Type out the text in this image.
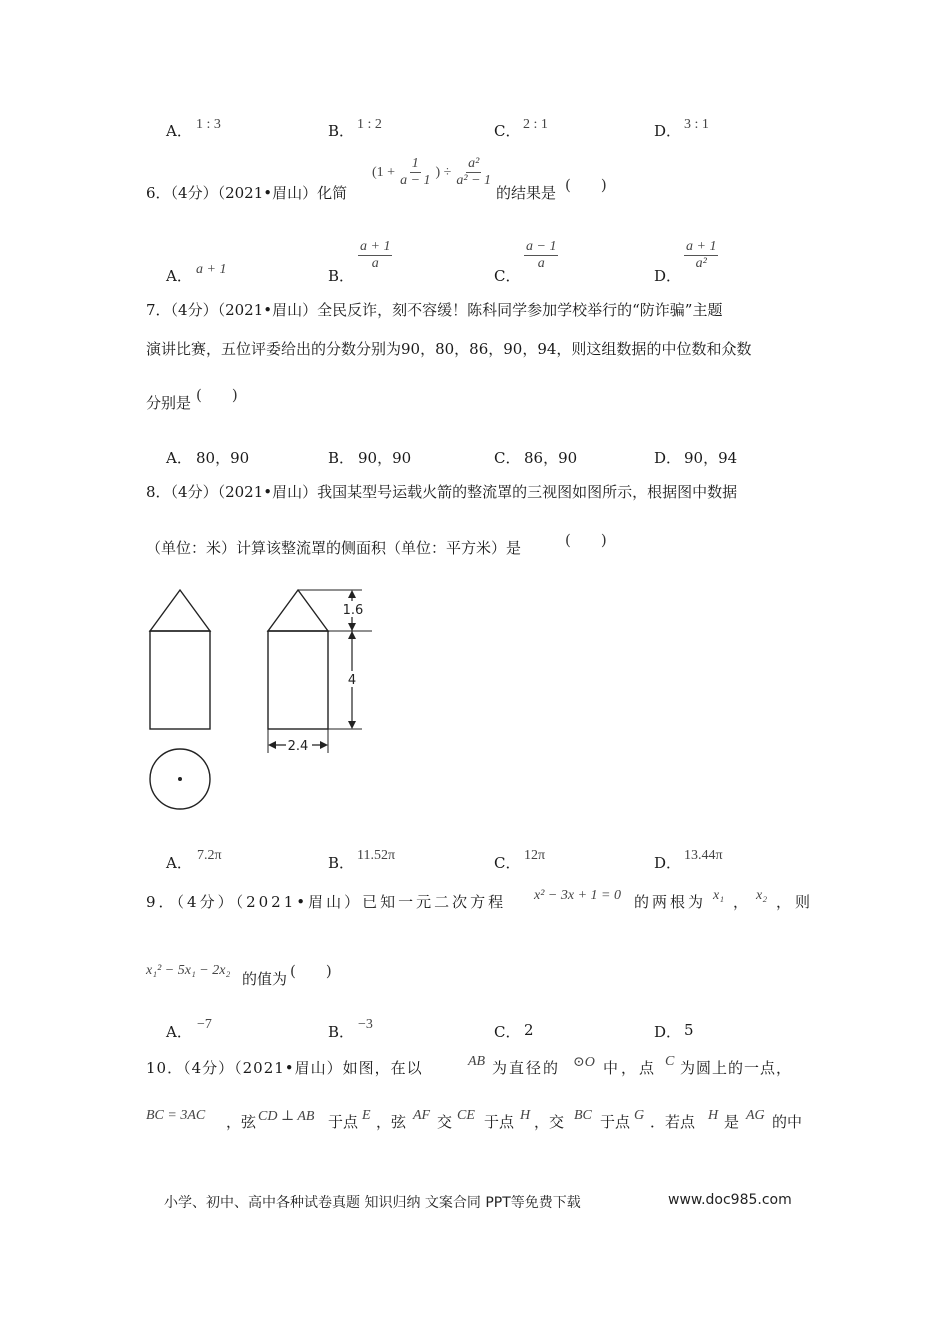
A． 1 : 3	B． 1 : 2	C． 2 : 1	D． 3 : 1
6．（4分）（2021•眉山）化简
($1 + \frac{1}{a - 1}$ ) ÷ $\frac{\text{a²}}{\text{a² − 1}}$
的结果是 (　　)
A． a + 1	B．
$\frac{a + 1}{a}$
C．
$\frac{a - 1}{a}$
D．
$\frac{a + 1}{\text{a²}}$
7．（4分）（2021•眉山）全民反诈，刻不容缓！陈科同学参加学校举行的“防诈骗”主题
演讲比赛，五位评委给出的分数分别为90，80，86，90，94，则这组数据的中位数和众数
分别是 (　　)
A． 80，90	B． 90，90	C． 86，90	D． 90，94
8．（4分）（2021•眉山）我国某型号运载火箭的整流罩的三视图如图所示，根据图中数据
（单位：米）计算该整流罩的侧面积（单位：平方米）是	(　　)
1.6
4
2.4
A． 7.2π	B． 11.52π	C． 12π	D． 13.44π
9．（4分）（2021•眉山）已知一元二次方程 x² − 3x + 1 = 0 的两根为 x₁ ， x₂ ，则
x₁² − 5x₁ − 2x₂ 的值为 (　　)
A． −7	B． −3	C． 2	D． 5
10．（4分）（2021•眉山）如图，在以	AB 为直径的 ⊙O 中，点 C 为圆上的一点，
BC = 3AC ，弦 CD ⊥ AB 于点 E ，弦 AF 交 CE 于点 H ，交 BC 于点 G ．若点 H 是 AG 的中
小学、初中、高中各种试卷真题 知识归纳 文案合同 PPT等免费下载	www.doc985.com
